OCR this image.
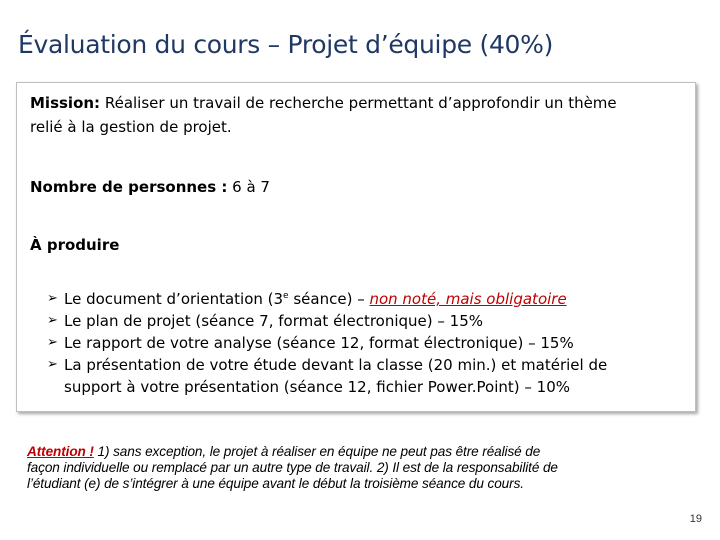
Évaluation du cours – Projet d’équipe (40%)
Mission: Réaliser un travail de recherche permettant d’approfondir un thème
relié à la gestion de projet.
Nombre de personnes : 6 à 7
À produire
➢ Le document d’orientation (3e séance) – non noté, mais obligatoire
➢ Le plan de projet (séance 7, format électronique) – 15%
➢ Le rapport de votre analyse (séance 12, format électronique) – 15%
➢ La présentation de votre étude devant la classe (20 min.) et matériel de
support à votre présentation (séance 12, fichier Power.Point) – 10%

Attention ! 1) sans exception, le projet à réaliser en équipe ne peut pas être réalisé de
façon individuelle ou remplacé par un autre type de travail. 2) Il est de la responsabilité de
l’étudiant (e) de s’intégrer à une équipe avant le début la troisième séance du cours.

19
